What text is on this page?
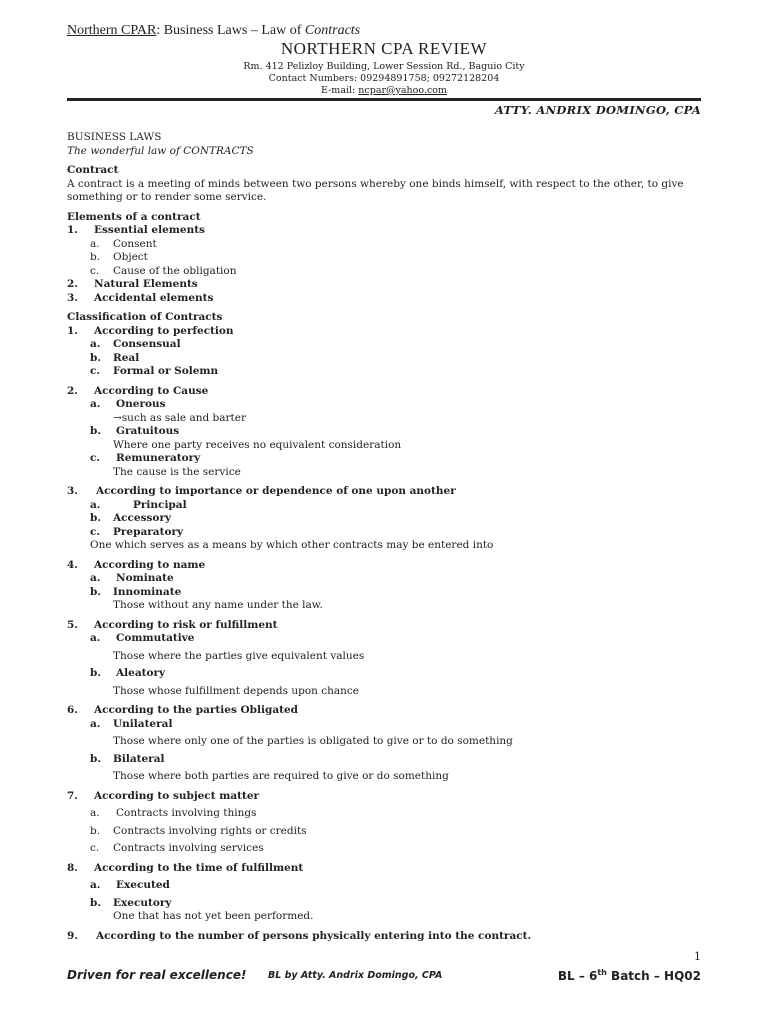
Northern CPAR: Business Laws – Law of Contracts
NORTHERN CPA REVIEW
Rm. 412 Pelizloy Building, Lower Session Rd., Baguio City
Contact Numbers: 09294891758; 09272128204
E-mail: ncpar@yahoo.com
ATTY. ANDRIX DOMINGO, CPA
BUSINESS LAWS
The wonderful law of CONTRACTS
Contract
A contract is a meeting of minds between two persons whereby one binds himself, with respect to the other, to give
something or to render some service.
Elements of a contract
1. Essential elements
a. Consent
b. Object
c. Cause of the obligation
2. Natural Elements
3. Accidental elements
Classification of Contracts
1. According to perfection
a. Consensual
b. Real
c. Formal or Solemn
2. According to Cause
a. Onerous
→such as sale and barter
b. Gratuitous
Where one party receives no equivalent consideration
c. Remuneratory
The cause is the service
3. According to importance or dependence of one upon another
a.	Principal
b. Accessory
c. Preparatory
One which serves as a means by which other contracts may be entered into
4. According to name
a. Nominate
b. Innominate
Those without any name under the law.
5. According to risk or fulfillment
a. Commutative
Those where the parties give equivalent values
b. Aleatory
Those whose fulfillment depends upon chance
6. According to the parties Obligated
a. Unilateral
Those where only one of the parties is obligated to give or to do something
b. Bilateral
Those where both parties are required to give or do something
7. According to subject matter
a. Contracts involving things
b. Contracts involving rights or credits
c. Contracts involving services
8. According to the time of fulfillment
a. Executed
b. Executory
One that has not yet been performed.
9. According to the number of persons physically entering into the contract.
1
Driven for real excellence! BL by Atty. Andrix Domingo, CPA	BL – 6th Batch – HQ02
